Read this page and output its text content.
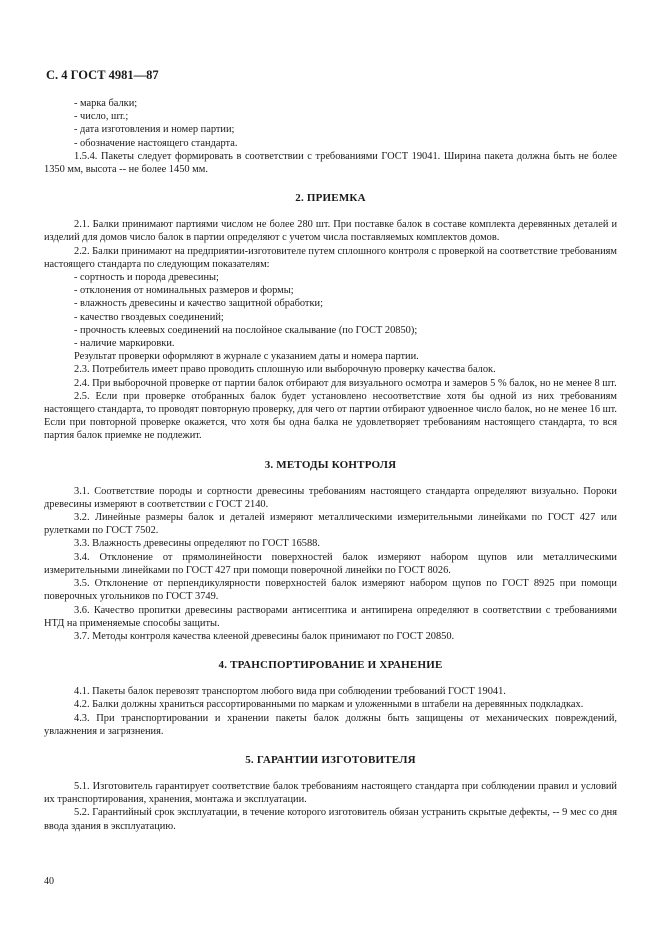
С. 4 ГОСТ 4981—87

- марка балки;

- число, шт.;

- дата изготовления и номер партии;

- обозначение настоящего стандарта.

1.5.4. Пакеты следует формировать в соответствии с требованиями ГОСТ 19041. Ширина пакета должна быть не более 1350 мм, высота -- не более 1450 мм.

2. ПРИЕМКА

2.1. Балки принимают партиями числом не более 280 шт. При поставке балок в составе комплекта деревянных деталей и изделий для домов число балок в партии определяют с учетом числа поставляемых комплектов домов.

2.2. Балки принимают на предприятии-изготовителе путем сплошного контроля с проверкой на соответствие требованиям настоящего стандарта по следующим показателям:

- сортность и порода древесины;

- отклонения от номинальных размеров и формы;

- влажность древесины и качество защитной обработки;

- качество гвоздевых соединений;

- прочность клеевых соединений на послойное скалывание (по ГОСТ 20850);

- наличие маркировки.

Результат проверки оформляют в журнале с указанием даты и номера партии.

2.3. Потребитель имеет право проводить сплошную или выборочную проверку качества балок.

2.4. При выборочной проверке от партии балок отбирают для визуального осмотра и замеров 5 % балок, но не менее 8 шт.

2.5. Если при проверке отобранных балок будет установлено несоответствие хотя бы одной из них требованиям настоящего стандарта, то проводят повторную проверку, для чего от партии отбирают удвоенное число балок, но не менее 16 шт. Если при повторной проверке окажется, что хотя бы одна балка не удовлетворяет требованиям настоящего стандарта, то вся партия балок приемке не подлежит.

3. МЕТОДЫ КОНТРОЛЯ

3.1. Соответствие породы и сортности древесины требованиям настоящего стандарта определяют визуально. Пороки древесины измеряют в соответствии с ГОСТ 2140.

3.2. Линейные размеры балок и деталей измеряют металлическими измерительными линейками по ГОСТ 427 или рулетками по ГОСТ 7502.

3.3. Влажность древесины определяют по ГОСТ 16588.

3.4. Отклонение от прямолинейности поверхностей балок измеряют набором щупов или металлическими измерительными линейками по ГОСТ 427 при помощи поверочной линейки по ГОСТ 8026.

3.5. Отклонение от перпендикулярности поверхностей балок измеряют набором щупов по ГОСТ 8925 при помощи поверочных угольников по ГОСТ 3749.

3.6. Качество пропитки древесины растворами антисептика и антипирена определяют в соответствии с требованиями НТД на применяемые способы защиты.

3.7. Методы контроля качества клееной древесины балок принимают по ГОСТ 20850.

4. ТРАНСПОРТИРОВАНИЕ И ХРАНЕНИЕ

4.1. Пакеты балок перевозят транспортом любого вида при соблюдении требований ГОСТ 19041.

4.2. Балки должны храниться рассортированными по маркам и уложенными в штабели на деревянных подкладках.

4.3. При транспортировании и хранении пакеты балок должны быть защищены от механических повреждений, увлажнения и загрязнения.

5. ГАРАНТИИ ИЗГОТОВИТЕЛЯ

5.1. Изготовитель гарантирует соответствие балок требованиям настоящего стандарта при соблюдении правил и условий их транспортирования, хранения, монтажа и эксплуатации.

5.2. Гарантийный срок эксплуатации, в течение которого изготовитель обязан устранить скрытые дефекты, -- 9 мес со дня ввода здания в эксплуатацию.

40
